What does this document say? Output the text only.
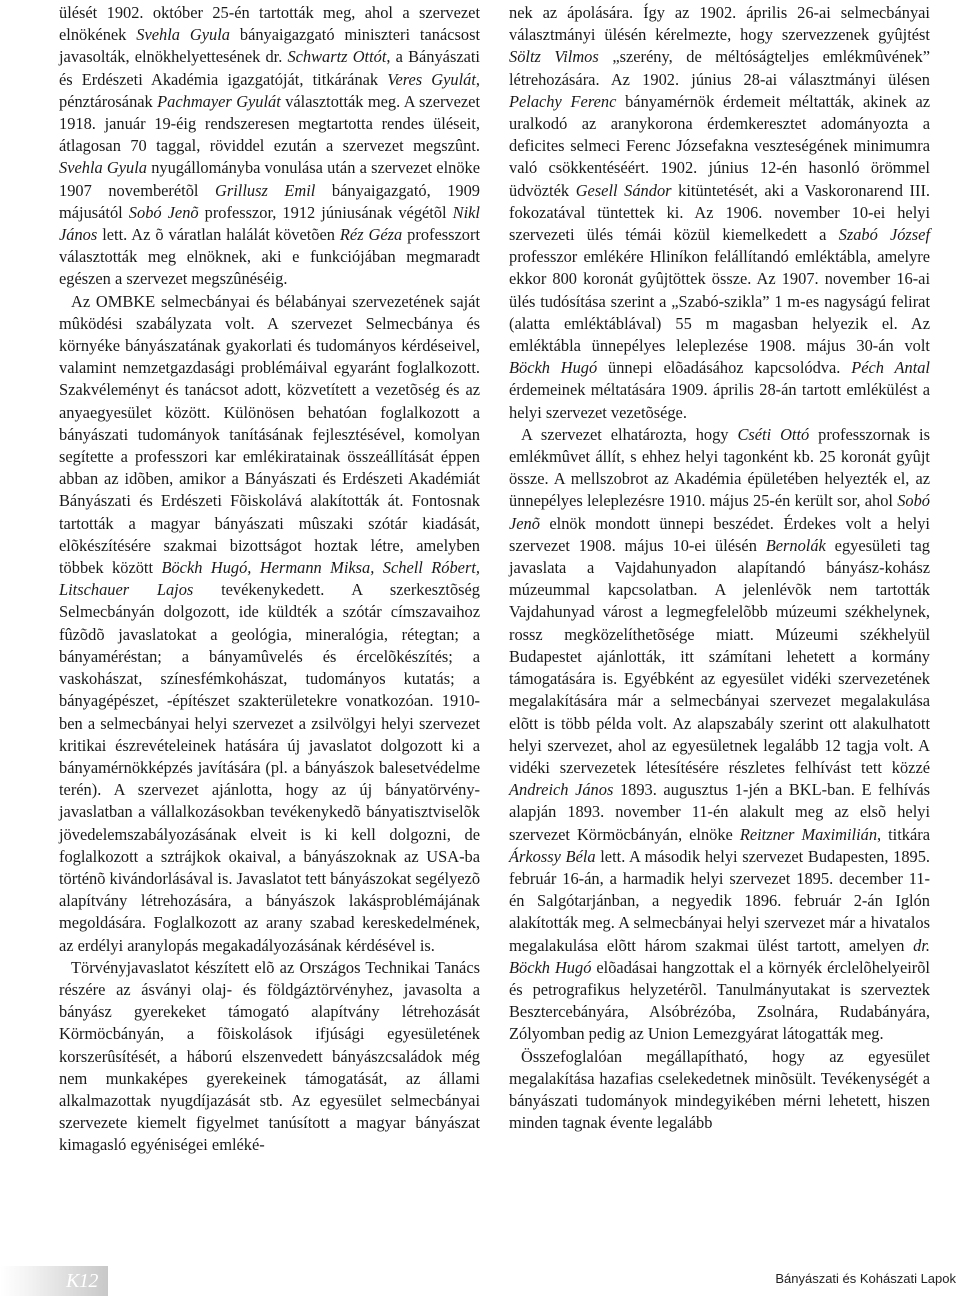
ülését 1902. október 25-én tartották meg, ahol a szervezet elnökének Svehla Gyula bányaigazgató miniszteri tanácsost javasolták, elnökhelyettesének dr. Schwartz Ottót, a Bányászati és Erdészeti Akadémia igazgatóját, titkárának Veres Gyulát, pénztárosának Pachmayer Gyulát választották meg. A szervezet 1918. január 19-éig rendszeresen megtartotta rendes üléseit, átlagosan 70 taggal, röviddel ezután a szervezet megszûnt. Svehla Gyula nyugállományba vonulása után a szervezet elnöke 1907 novemberétõl Grillusz Emil bányaigazgató, 1909 májusától Sobó Jenõ professzor, 1912 júniusának végétõl Nikl János lett. Az õ váratlan halálát követõen Réz Géza professzort választották meg elnöknek, aki e funkciójában megmaradt egészen a szervezet megszûnéséig.

Az OMBKE selmecbányai és bélabányai szervezetének saját mûködési szabályzata volt. A szervezet Selmecbánya és környéke bányászatának gyakorlati és tudományos kérdéseivel, valamint nemzetgazdasági problémáival egyaránt foglalkozott. Szakvéleményt és tanácsot adott, közvetített a vezetõség és az anyaegyesület között. Különösen behatóan foglalkozott a bányászati tudományok tanításának fejlesztésével, komolyan segítette a professzori kar emlékiratainak összeállítását éppen abban az idõben, amikor a Bányászati és Erdészeti Akadémiát Bányászati és Erdészeti Fõiskolává alakították át. Fontosnak tartották a magyar bányászati mûszaki szótár kiadását, elõkészítésére szakmai bizottságot hoztak létre, amelyben többek között Böckh Hugó, Hermann Miksa, Schell Róbert, Litschauer Lajos tevékenykedett. A szerkesztõség Selmecbányán dolgozott, ide küldték a szótár címszavaihoz fûzõdõ javaslatokat a geológia, mineralógia, rétegtan; a bányaméréstan; a bányamûvelés és ércelõkészítés; a vaskohászat, színesfémkohászat, tudományos kutatás; a bányagépészet, -építészet szakterületekre vonatkozóan. 1910-ben a selmecbányai helyi szervezet a zsilvölgyi helyi szervezet kritikai észrevételeinek hatására új javaslatot dolgozott ki a bányamérnökképzés javítására (pl. a bányászok balesetvédelme terén). A szervezet ajánlotta, hogy az új bányatörvény-javaslatban a vállalkozásokban tevékenykedõ bányatisztviselõk jövedelemszabályozásának elveit is ki kell dolgozni, de foglalkozott a sztrájkok okaival, a bányászoknak az USA-ba történõ kivándorlásával is. Javaslatot tett bányászokat segélyezõ alapítvány létrehozására, a bányászok lakásproblémájának megoldására. Foglalkozott az arany szabad kereskedelmének, az erdélyi aranylopás megakadályozásának kérdésével is.

Törvényjavaslatot készített elõ az Országos Technikai Tanács részére az ásványi olaj- és földgáztörvényhez, javasolta a bányász gyerekeket támogató alapítvány létrehozását Körmöcbányán, a fõiskolások ifjúsági egyesületének korszerûsítését, a háború elszenvedett bányászcsaládok még nem munkaképes gyerekeinek támogatását, az állami alkalmazottak nyugdíjazását stb. Az egyesület selmecbányai szervezete kiemelt figyelmet tanúsított a magyar bányászat kimagasló egyéniségei emléké-

nek az ápolására. Így az 1902. április 26-ai selmecbányai választmányi ülésén kérelmezte, hogy szervezzenek gyûjtést Söltz Vilmos „szerény, de méltóságteljes emlékmûvének” létrehozására. Az 1902. június 28-ai választmányi ülésen Pelachy Ferenc bányamérnök érdemeit méltatták, akinek az uralkodó az aranykorona érdemkeresztet adományozta a deficites selmeci Ferenc Józsefakna veszteségének minimumra való csökkentéséért. 1902. június 12-én hasonló örömmel üdvözték Gesell Sándor kitüntetését, aki a Vaskoronarend III. fokozatával tüntettek ki. Az 1906. november 10-ei helyi szervezeti ülés témái közül kiemelkedett a Szabó József professzor emlékére Hliníkon felállítandó emléktábla, amelyre ekkor 800 koronát gyûjtöttek össze. Az 1907. november 16-ai ülés tudósítása szerint a „Szabó-szikla” 1 m-es nagyságú felirat (alatta emléktáblával) 55 m magasban helyezik el. Az emléktábla ünnepélyes leleplezése 1908. május 30-án volt Böckh Hugó ünnepi elõadásához kapcsolódva. Péch Antal érdemeinek méltatására 1909. április 28-án tartott emlékülést a helyi szervezet vezetõsége.

A szervezet elhatározta, hogy Cséti Ottó professzornak is emlékmûvet állít, s ehhez helyi tagonként kb. 25 koronát gyûjt össze. A mellszobrot az Akadémia épületében helyezték el, az ünnepélyes leleplezésre 1910. május 25-én került sor, ahol Sobó Jenõ elnök mondott ünnepi beszédet. Érdekes volt a helyi szervezet 1908. május 10-ei ülésén Bernolák egyesületi tag javaslata a Vajdahunyadon alapítandó bányász-kohász múzeummal kapcsolatban. A jelenlévõk nem tartották Vajdahunyad várost a legmegfelelõbb múzeumi székhelynek, rossz megközelíthetõsége miatt. Múzeumi székhelyül Budapestet ajánlották, itt számítani lehetett a kormány támogatására is. Egyébként az egyesület vidéki szervezetének megalakítására már a selmecbányai szervezet megalakulása elõtt is több példa volt. Az alapszabály szerint ott alakulhatott helyi szervezet, ahol az egyesületnek legalább 12 tagja volt. A vidéki szervezetek létesítésére részletes felhívást tett közzé Andreich János 1893. augusztus 1-jén a BKL-ban. E felhívás alapján 1893. november 11-én alakult meg az elsõ helyi szervezet Körmöcbányán, elnöke Reitzner Maximilián, titkára Árkossy Béla lett. A második helyi szervezet Budapesten, 1895. február 16-án, a harmadik helyi szervezet 1895. december 11-én Salgótarjánban, a negyedik 1896. február 2-án Iglón alakították meg. A selmecbányai helyi szervezet már a hivatalos megalakulása elõtt három szakmai ülést tartott, amelyen dr. Böckh Hugó elõadásai hangzottak el a környék érclelõhelyeirõl és petrografikus helyzetérõl. Tanulmányutakat is szerveztek Besztercebányára, Alsóbrézóba, Zsolnára, Rudabányára, Zólyomban pedig az Union Lemezgyárat látogatták meg.

Összefoglalóan megállapítható, hogy az egyesület megalakítása hazafias cselekedetnek minõsült. Tevékenységét a bányászati tudományok mindegyikében mérni lehetett, hiszen minden tagnak évente legalább

K12	Bányászati és Kohászati Lapok
